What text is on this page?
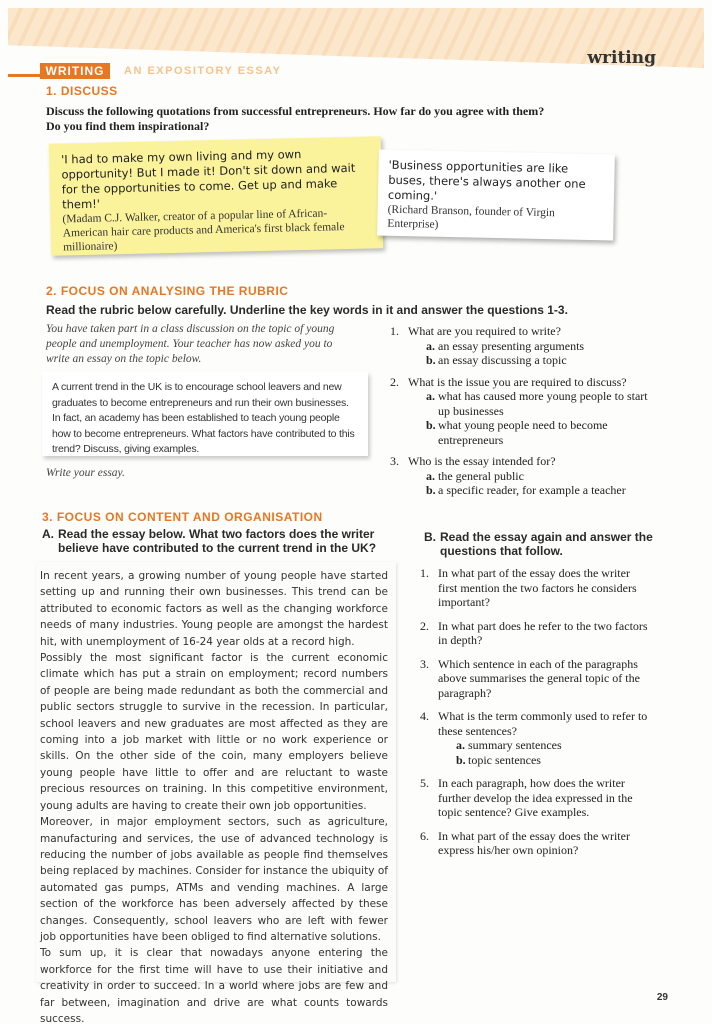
writing
WRITING	AN EXPOSITORY ESSAY
1. DISCUSS
Discuss the following quotations from successful entrepreneurs. How far do you agree with them?
Do you find them inspirational?
'I had to make my own living and my own opportunity! But I made it! Don't sit down and wait for the opportunities to come. Get up and make them!'
(Madam C.J. Walker, creator of a popular line of African-American hair care products and America's first black female millionaire)
'Business opportunities are like buses, there's always another one coming.'
(Richard Branson, founder of Virgin Enterprise)
2. FOCUS ON ANALYSING THE RUBRIC
Read the rubric below carefully. Underline the key words in it and answer the questions 1-3.
You have taken part in a class discussion on the topic of young people and unemployment. Your teacher has now asked you to write an essay on the topic below.
A current trend in the UK is to encourage school leavers and new graduates to become entrepreneurs and run their own businesses. In fact, an academy has been established to teach young people how to become entrepreneurs. What factors have contributed to this trend? Discuss, giving examples.
Write your essay.
1. What are you required to write?
a. an essay presenting arguments
b. an essay discussing a topic
2. What is the issue you are required to discuss?
a. what has caused more young people to start up businesses
b. what young people need to become entrepreneurs
3. Who is the essay intended for?
a. the general public
b. a specific reader, for example a teacher
3. FOCUS ON CONTENT AND ORGANISATION
A. Read the essay below. What two factors does the writer believe have contributed to the current trend in the UK?

In recent years, a growing number of young people have started setting up and running their own businesses. This trend can be attributed to economic factors as well as the changing workforce needs of many industries. Young people are amongst the hardest hit, with unemployment of 16-24 year olds at a record high.

Possibly the most significant factor is the current economic climate which has put a strain on employment; record numbers of people are being made redundant as both the commercial and public sectors struggle to survive in the recession. In particular, school leavers and new graduates are most affected as they are coming into a job market with little or no work experience or skills. On the other side of the coin, many employers believe young people have little to offer and are reluctant to waste precious resources on training. In this competitive environment, young adults are having to create their own job opportunities.

Moreover, in major employment sectors, such as agriculture, manufacturing and services, the use of advanced technology is reducing the number of jobs available as people find themselves being replaced by machines. Consider for instance the ubiquity of automated gas pumps, ATMs and vending machines. A large section of the workforce has been adversely affected by these changes. Consequently, school leavers who are left with fewer job opportunities have been obliged to find alternative solutions.

To sum up, it is clear that nowadays anyone entering the workforce for the first time will have to use their initiative and creativity in order to succeed. In a world where jobs are few and far between, imagination and drive are what counts towards success.

B. Read the essay again and answer the questions that follow.
1. In what part of the essay does the writer first mention the two factors he considers important?
2. In what part does he refer to the two factors in depth?
3. Which sentence in each of the paragraphs above summarises the general topic of the paragraph?
4. What is the term commonly used to refer to these sentences?
a. summary sentences
b. topic sentences
5. In each paragraph, how does the writer further develop the idea expressed in the topic sentence? Give examples.
6. In what part of the essay does the writer express his/her own opinion?
29
